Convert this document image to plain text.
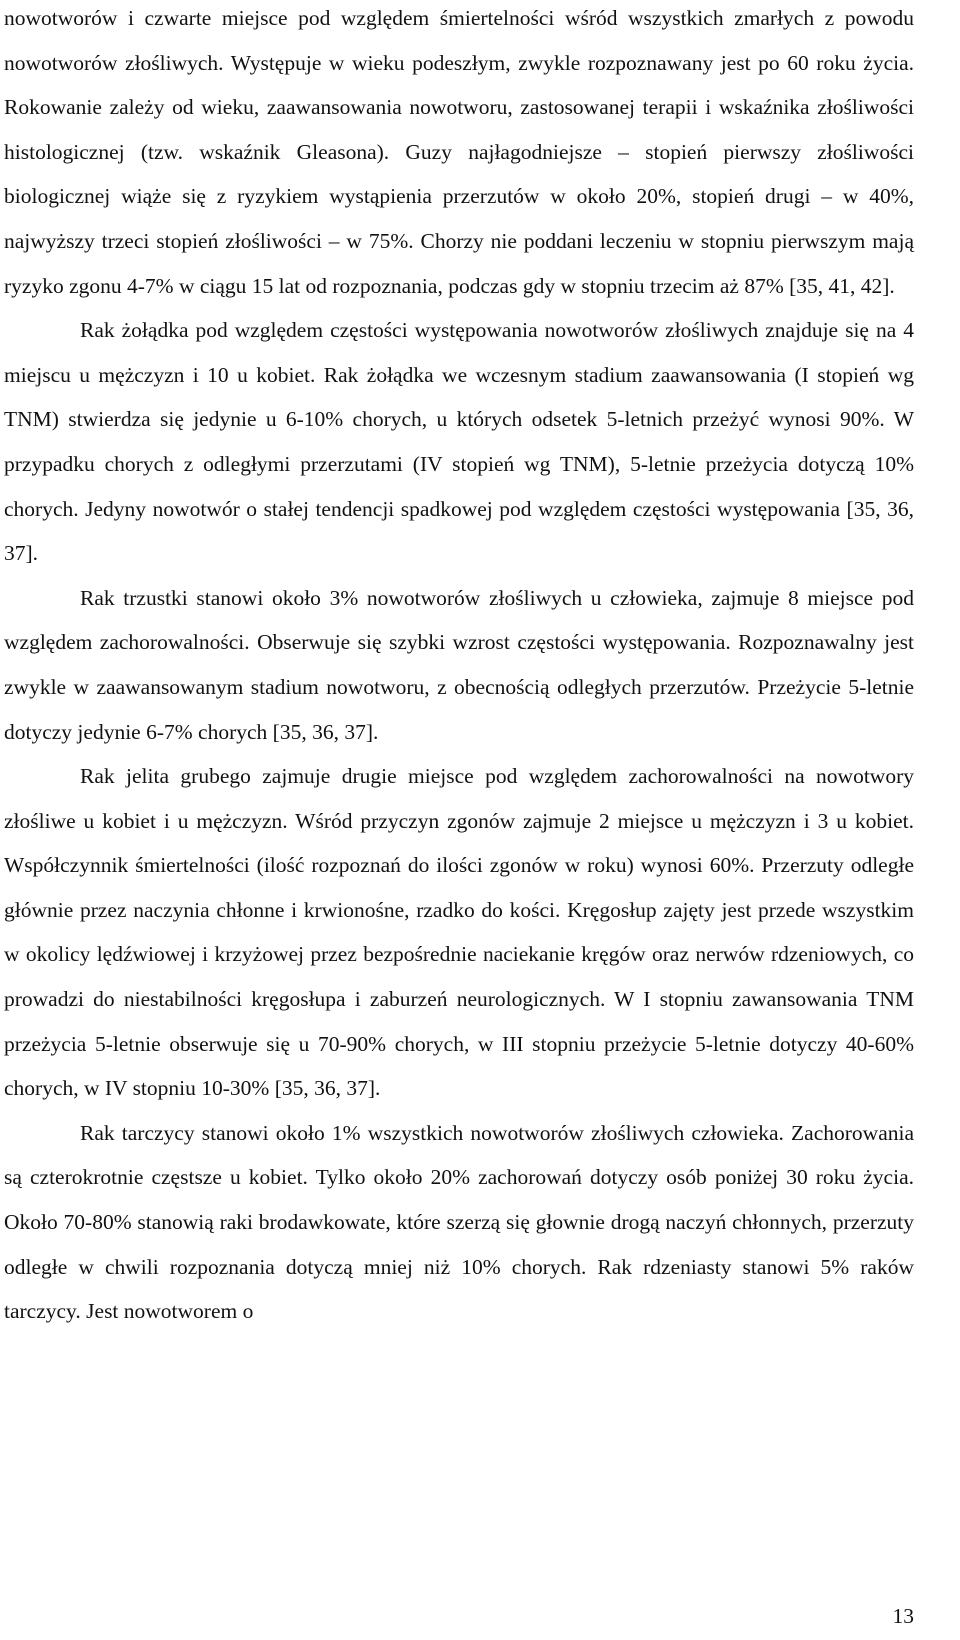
nowotworów i czwarte miejsce pod względem śmiertelności wśród wszystkich zmarłych z powodu nowotworów złośliwych. Występuje w wieku podeszłym, zwykle rozpoznawany jest po 60 roku życia. Rokowanie zależy od wieku, zaawansowania nowotworu, zastosowanej terapii i wskaźnika złośliwości histologicznej (tzw. wskaźnik Gleasona). Guzy najłagodniejsze – stopień pierwszy złośliwości biologicznej wiąże się z ryzykiem wystąpienia przerzutów w około 20%, stopień drugi – w 40%, najwyższy trzeci stopień złośliwości – w 75%. Chorzy nie poddani leczeniu w stopniu pierwszym mają ryzyko zgonu 4-7% w ciągu 15 lat od rozpoznania, podczas gdy w stopniu trzecim aż 87% [35, 41, 42].

Rak żołądka pod względem częstości występowania nowotworów złośliwych znajduje się na 4 miejscu u mężczyzn i 10 u kobiet. Rak żołądka we wczesnym stadium zaawansowania (I stopień wg TNM) stwierdza się jedynie u 6-10% chorych, u których odsetek 5-letnich przeżyć wynosi 90%. W przypadku chorych z odległymi przerzutami (IV stopień wg TNM), 5-letnie przeżycia dotyczą 10% chorych. Jedyny nowotwór o stałej tendencji spadkowej pod względem częstości występowania [35, 36, 37].

Rak trzustki stanowi około 3% nowotworów złośliwych u człowieka, zajmuje 8 miejsce pod względem zachorowalności. Obserwuje się szybki wzrost częstości występowania. Rozpoznawalny jest zwykle w zaawansowanym stadium nowotworu, z obecnością odległych przerzutów. Przeżycie 5-letnie dotyczy jedynie 6-7% chorych [35, 36, 37].

Rak jelita grubego zajmuje drugie miejsce pod względem zachorowalności na nowotwory złośliwe u kobiet i u mężczyzn. Wśród przyczyn zgonów zajmuje 2 miejsce u mężczyzn i 3 u kobiet. Współczynnik śmiertelności (ilość rozpoznań do ilości zgonów w roku) wynosi 60%. Przerzuty odległe głównie przez naczynia chłonne i krwionośne, rzadko do kości. Kręgosłup zajęty jest przede wszystkim w okolicy lędźwiowej i krzyżowej przez bezpośrednie naciekanie kręgów oraz nerwów rdzeniowych, co prowadzi do niestabilności kręgosłupa i zaburzeń neurologicznych. W I stopniu zawansowania TNM przeżycia 5-letnie obserwuje się u 70-90% chorych, w III stopniu przeżycie 5-letnie dotyczy 40-60% chorych, w IV stopniu 10-30% [35, 36, 37].

Rak tarczycy stanowi około 1% wszystkich nowotworów złośliwych człowieka. Zachorowania są czterokrotnie częstsze u kobiet. Tylko około 20% zachorowań dotyczy osób poniżej 30 roku życia. Około 70-80% stanowią raki brodawkowate, które szerzą się głownie drogą naczyń chłonnych, przerzuty odległe w chwili rozpoznania dotyczą mniej niż 10% chorych. Rak rdzeniasty stanowi 5% raków tarczycy. Jest nowotworem o

13
